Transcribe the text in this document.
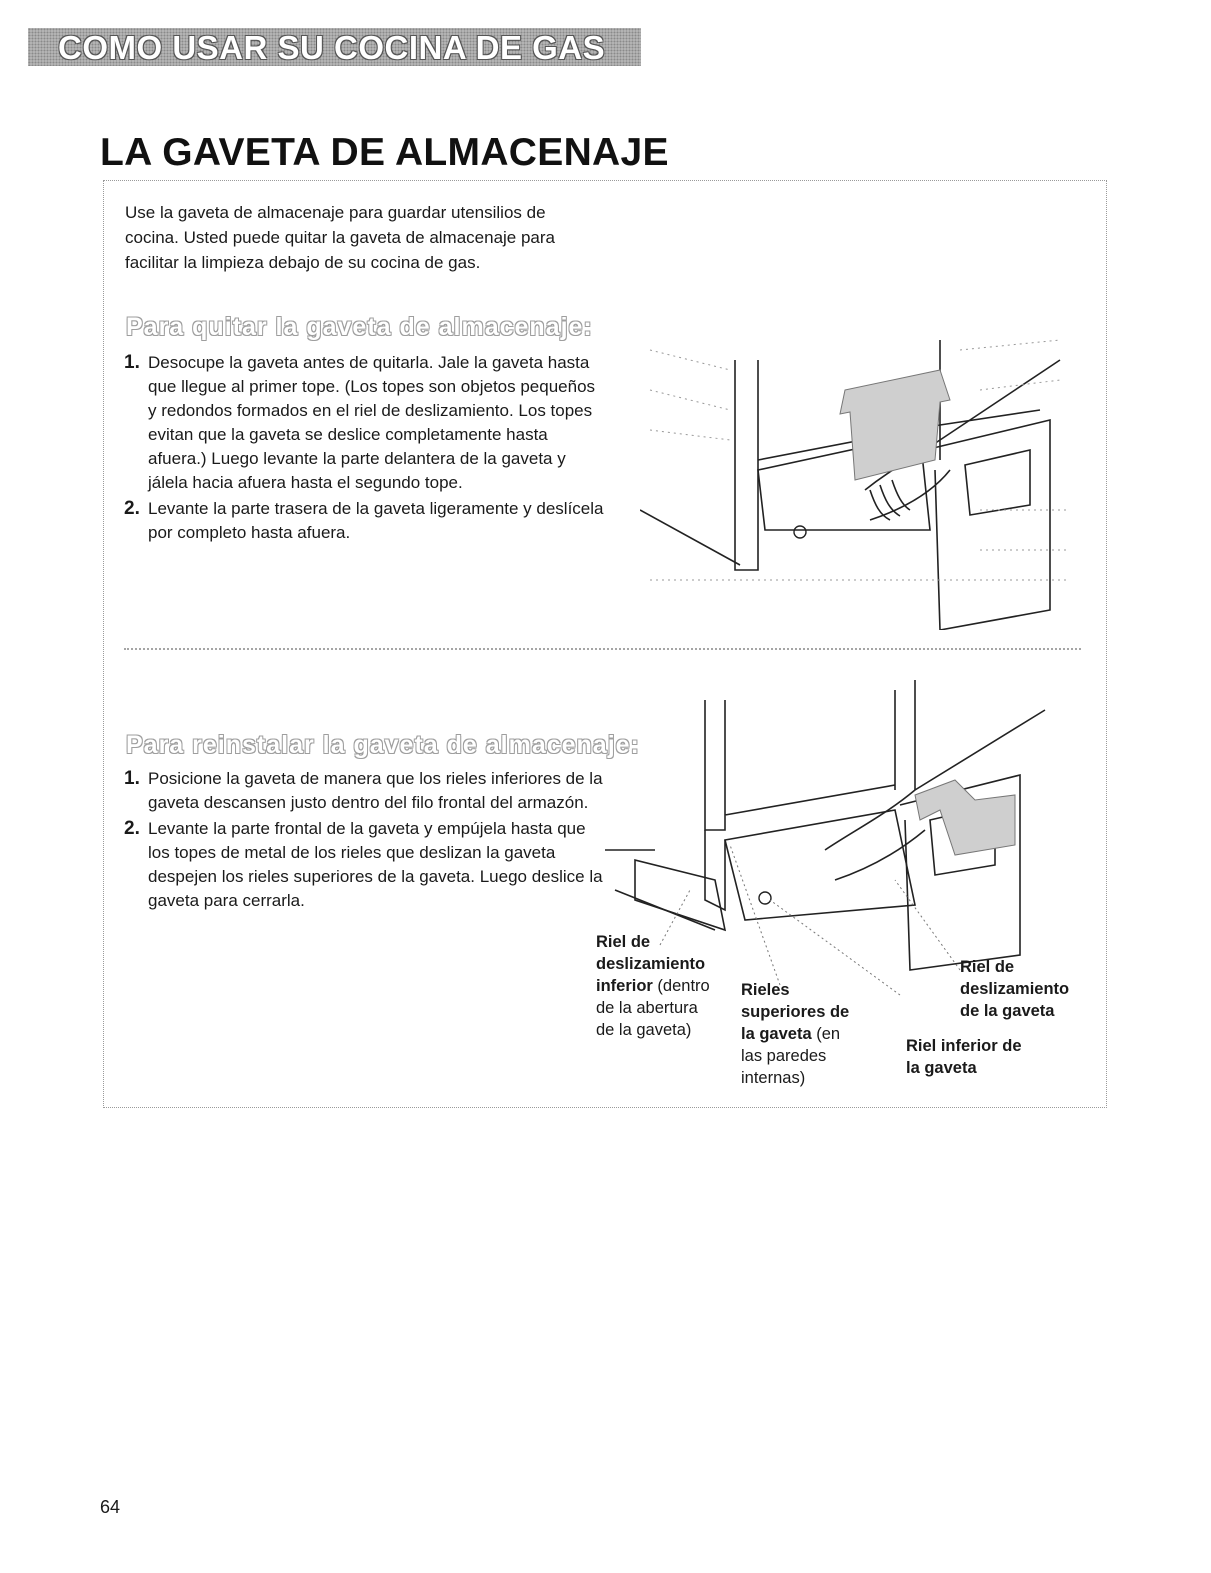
COMO USAR SU COCINA DE GAS
LA GAVETA DE ALMACENAJE

Use la gaveta de almacenaje para guardar utensilios de cocina. Usted puede quitar la gaveta de almacenaje para facilitar la limpieza debajo de su cocina de gas.

Para quitar la gaveta de almacenaje:
1. Desocupe la gaveta antes de quitarla. Jale la gaveta hasta que llegue al primer tope. (Los topes son objetos pequeños y redondos formados en el riel de deslizamiento. Los topes evitan que la gaveta se deslice completamente hasta afuera.) Luego levante la parte delantera de la gaveta y jálela hacia afuera hasta el segundo tope.
2. Levante la parte trasera de la gaveta ligeramente y deslícela por completo hasta afuera.
Para reinstalar la gaveta de almacenaje:
1. Posicione la gaveta de manera que los rieles inferiores de la gaveta descansen justo dentro del filo frontal del armazón.
2. Levante la parte frontal de la gaveta y empújela hasta que los topes de metal de los rieles que deslizan la gaveta despejen los rieles superiores de la gaveta. Luego deslice la gaveta para cerrarla.
Riel de
deslizamiento
inferior (dentro
de la abertura
de la gaveta)
Rieles
superiores de
la gaveta (en
las paredes
internas)
Riel de
deslizamiento
de la gaveta
Riel inferior de
la gaveta
64
